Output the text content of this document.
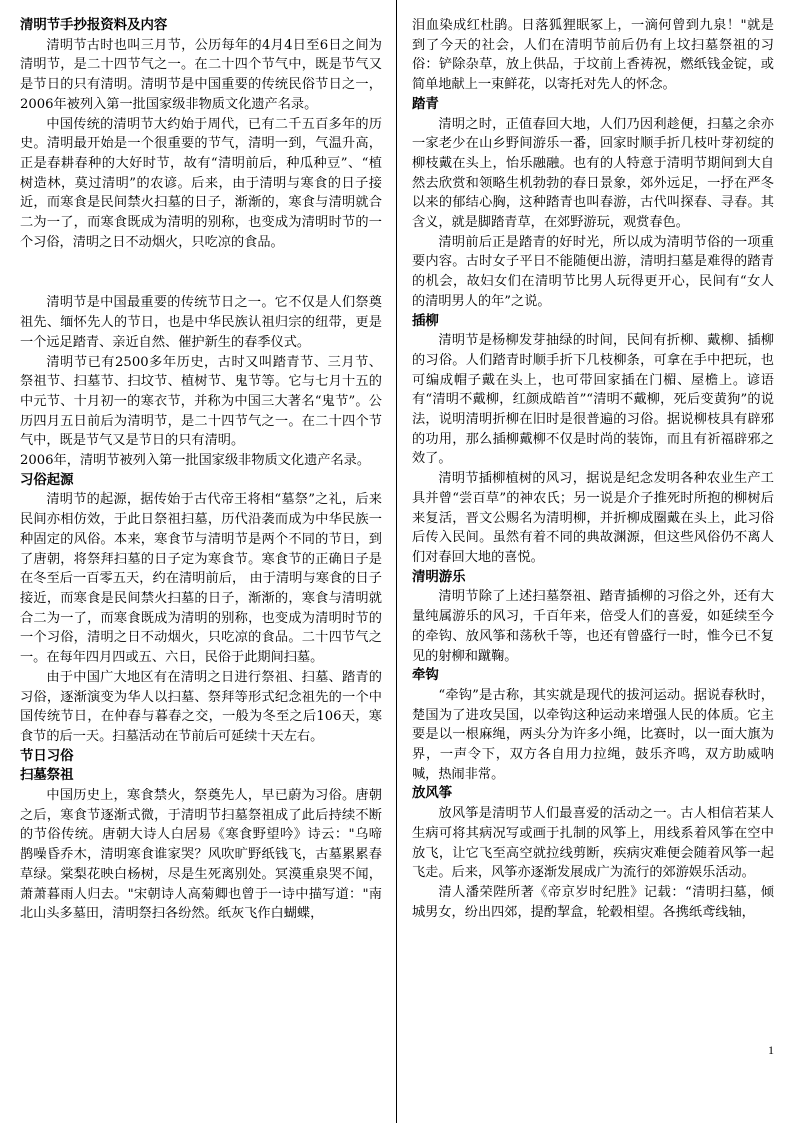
清明节手抄报资料及内容

清明节古时也叫三月节，公历每年的4月4日至6日之间为清明节，是二十四节气之一。在二十四个节气中，既是节气又是节日的只有清明。清明节是中国重要的传统民俗节日之一，2006年被列入第一批国家级非物质文化遗产名录。

中国传统的清明节大约始于周代，已有二千五百多年的历史。清明最开始是一个很重要的节气，清明一到，气温升高，正是春耕春种的大好时节，故有“清明前后，种瓜种豆”、“植树造林，莫过清明”的农谚。后来，由于清明与寒食的日子接近，而寒食是民间禁火扫墓的日子，渐渐的，寒食与清明就合二为一了，而寒食既成为清明的别称，也变成为清明时节的一个习俗，清明之日不动烟火，只吃凉的食品。

清明节是中国最重要的传统节日之一。它不仅是人们祭奠祖先、缅怀先人的节日，也是中华民族认祖归宗的纽带，更是一个远足踏青、亲近自然、催护新生的春季仪式。

清明节已有2500多年历史，古时又叫踏青节、三月节、祭祖节、扫墓节、扫坟节、植树节、鬼节等。它与七月十五的中元节、十月初一的寒衣节，并称为中国三大著名“鬼节”。公历四月五日前后为清明节，是二十四节气之一。在二十四个节气中，既是节气又是节日的只有清明。

2006年，清明节被列入第一批国家级非物质文化遗产名录。

习俗起源

清明节的起源，据传始于古代帝王将相“墓祭”之礼，后来民间亦相仿效，于此日祭祖扫墓，历代沿袭而成为中华民族一种固定的风俗。本来，寒食节与清明节是两个不同的节日，到了唐朝，将祭拜扫墓的日子定为寒食节。寒食节的正确日子是在冬至后一百零五天，约在清明前后， 由于清明与寒食的日子接近，而寒食是民间禁火扫墓的日子，渐渐的，寒食与清明就合二为一了，而寒食既成为清明的别称，也变成为清明时节的一个习俗，清明之日不动烟火，只吃凉的食品。二十四节气之一。在每年四月四或五、六日，民俗于此期间扫墓。

由于中国广大地区有在清明之日进行祭祖、扫墓、踏青的习俗，逐渐演变为华人以扫墓、祭拜等形式纪念祖先的一个中国传统节日，在仲春与暮春之交，一般为冬至之后106天，寒食节的后一天。扫墓活动在节前后可延续十天左右。

节日习俗
扫墓祭祖

中国历史上，寒食禁火，祭奠先人，早已蔚为习俗。唐朝之后，寒食节逐渐式微，于清明节扫墓祭祖成了此后持续不断的节俗传统。唐朝大诗人白居易《寒食野望吟》诗云："乌啼鹊噪昏乔木，清明寒食谁家哭？风吹旷野纸钱飞，古墓累累春草绿。棠梨花映白杨树，尽是生死离别处。冥漠重泉哭不闻，萧萧暮雨人归去。"宋朝诗人高菊卿也曾于一诗中描写道："南北山头多墓田，清明祭扫各纷然。纸灰飞作白蝴蝶，

泪血染成红杜鹃。日落狐狸眠冢上，一滴何曾到九泉！"就是到了今天的社会，人们在清明节前后仍有上坟扫墓祭祖的习俗：铲除杂草，放上供品，于坟前上香祷祝，燃纸钱金锭，或简单地献上一束鲜花，以寄托对先人的怀念。

踏青

清明之时，正值春回大地，人们乃因利趁便，扫墓之余亦一家老少在山乡野间游乐一番，回家时顺手折几枝叶芽初绽的柳枝戴在头上，怡乐融融。也有的人特意于清明节期间到大自然去欣赏和领略生机勃勃的春日景象，郊外远足，一抒在严冬以来的郁结心胸，这种踏青也叫春游，古代叫探春、寻春。其含义，就是脚踏青草，在郊野游玩，观赏春色。

清明前后正是踏青的好时光，所以成为清明节俗的一项重要内容。古时女子平日不能随便出游，清明扫墓是难得的踏青的机会，故妇女们在清明节比男人玩得更开心，民间有“女人的清明男人的年”之说。

插柳

清明节是杨柳发芽抽绿的时间，民间有折柳、戴柳、插柳的习俗。人们踏青时顺手折下几枝柳条，可拿在手中把玩，也可编成帽子戴在头上，也可带回家插在门楣、屋檐上。谚语有“清明不戴柳，红颜成皓首”“清明不戴柳，死后变黄狗”的说法，说明清明折柳在旧时是很普遍的习俗。据说柳枝具有辟邪的功用，那么插柳戴柳不仅是时尚的装饰，而且有祈福辟邪之效了。

清明节插柳植树的风习，据说是纪念发明各种农业生产工具并曾“尝百草”的神农氏；另一说是介子推死时所抱的柳树后来复活，晋文公赐名为清明柳，并折柳成圈戴在头上，此习俗后传入民间。虽然有着不同的典故渊源，但这些风俗仍不离人们对春回大地的喜悦。

清明游乐

清明节除了上述扫墓祭祖、踏青插柳的习俗之外，还有大量纯属游乐的风习，千百年来，倍受人们的喜爱，如延续至今的牵钩、放风筝和荡秋千等，也还有曾盛行一时，惟今已不复见的射柳和蹴鞠。

牵钩

“牵钩”是古称，其实就是现代的拔河运动。据说春秋时，楚国为了进攻吴国，以牵钩这种运动来增强人民的体质。它主要是以一根麻绳，两头分为许多小绳，比赛时，以一面大旗为界，一声令下，双方各自用力拉绳，鼓乐齐鸣，双方助威呐喊，热闹非常。

放风筝

放风筝是清明节人们最喜爱的活动之一。古人相信若某人生病可将其病况写或画于扎制的风筝上，用线系着风筝在空中放飞，让它飞至高空就拉线剪断，疾病灾难便会随着风筝一起飞走。后来，风筝亦逐渐发展成广为流行的郊游娱乐活动。

清人潘荣陛所著《帝京岁时纪胜》记载：“清明扫墓，倾城男女，纷出四郊，提酌挈盒，轮毂相望。各携纸鸢线轴，

1
